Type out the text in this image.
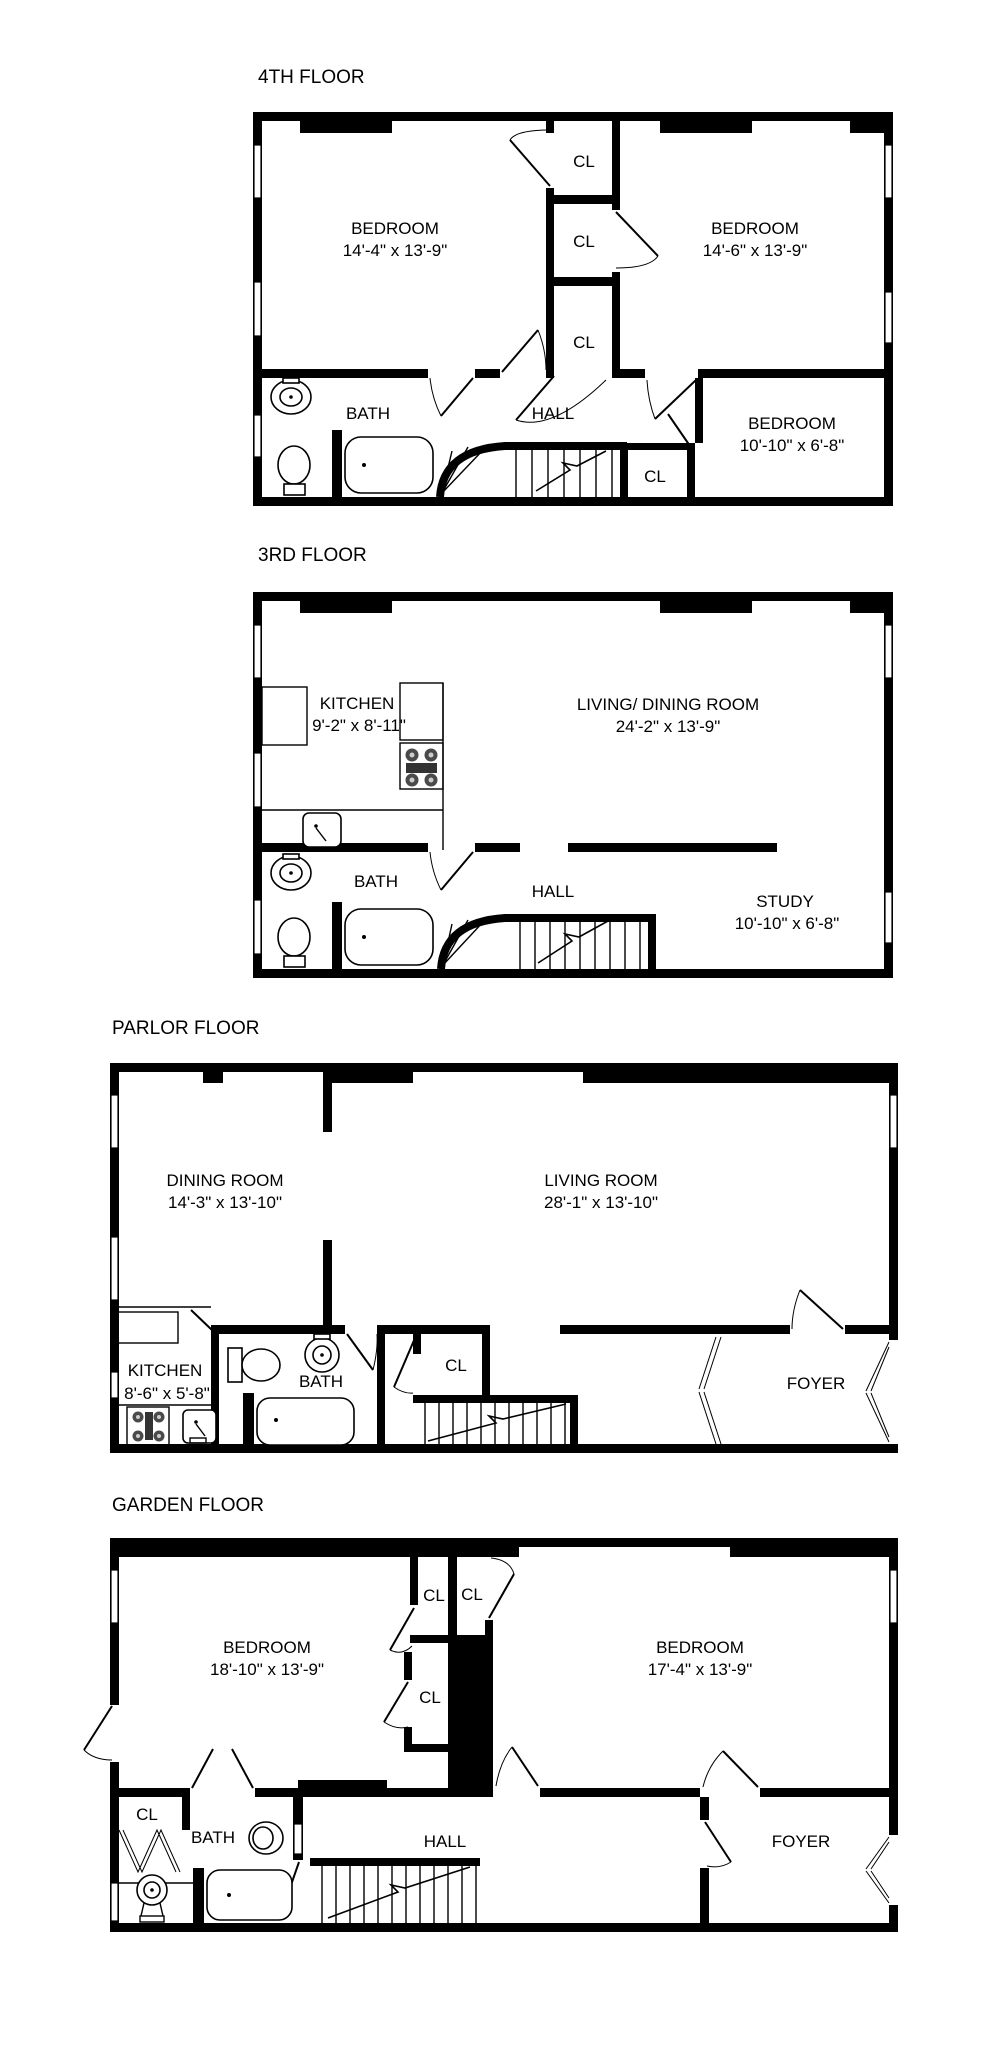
4TH FLOOR
BEDROOM
14'-4" x 13'-9"
BEDROOM
14'-6" x 13'-9"
CL
CL
CL
BATH	HALL
CL
BEDROOM
10'-10" x 6'-8"
3RD FLOOR
KITCHEN
9'-2" x 8'-11"
LIVING/ DINING ROOM
24'-2" x 13'-9"
BATH
HALL
STUDY
10'-10" x 6'-8"
PARLOR FLOOR
DINING ROOM
14'-3" x 13'-10"
LIVING ROOM
28'-1" x 13'-10"
KITCHEN
8'-6" x 5'-8"
BATH
CL
FOYER
GARDEN FLOOR
BEDROOM
18'-10" x 13'-9"
BEDROOM
17'-4" x 13'-9"
CL CL
CL
CL
BATH	HALL	FOYER
